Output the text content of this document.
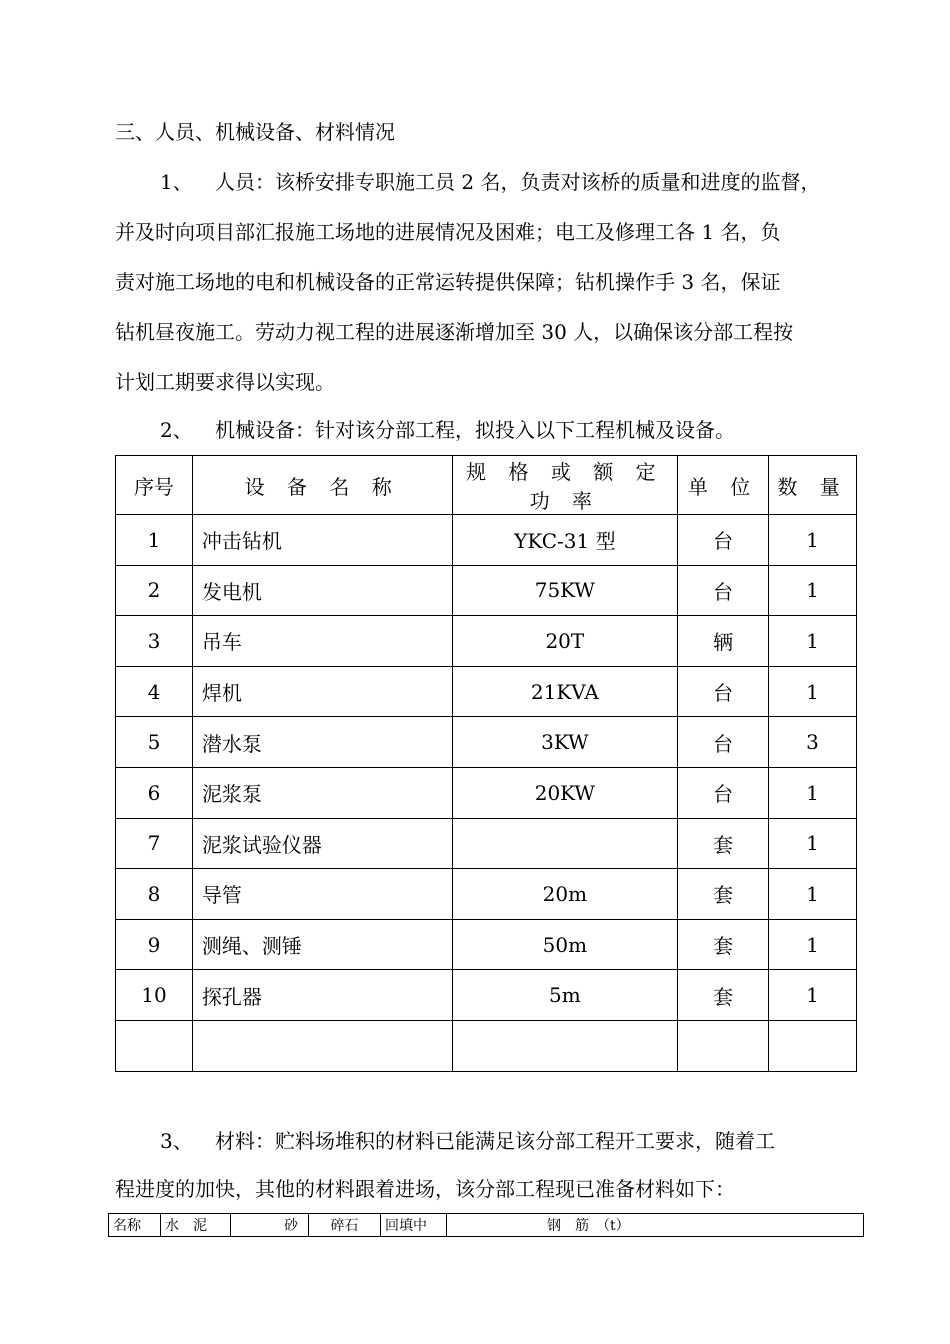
三、人员、机械设备、材料情况
1、 人员：该桥安排专职施工员 2 名，负责对该桥的质量和进度的监督，
并及时向项目部汇报施工场地的进展情况及困难；电工及修理工各 1 名，负
责对施工场地的电和机械设备的正常运转提供保障；钻机操作手 3 名，保证
钻机昼夜施工。劳动力视工程的进展逐渐增加至 30 人，以确保该分部工程按
计划工期要求得以实现。
2、 机械设备：针对该分部工程，拟投入以下工程机械及设备。
序号	设 备 名 称	规 格 或 额 定 功 率	单 位	数 量
1	冲击钻机	YKC-31 型	台	1
2	发电机	75KW	台	1
3	吊车	20T	辆	1
4	焊机	21KVA	台	1
5	潜水泵	3KW	台	3
6	泥浆泵	20KW	台	1
7	泥浆试验仪器		套	1
8	导管	20m	套	1
9	测绳、测锤	50m	套	1
10	探孔器	5m	套	1

3、 材料：贮料场堆积的材料已能满足该分部工程开工要求，随着工
程进度的加快，其他的材料跟着进场，该分部工程现已准备材料如下：
名称	水　泥	砂	碎石	回填中	钢　筋　（t）
